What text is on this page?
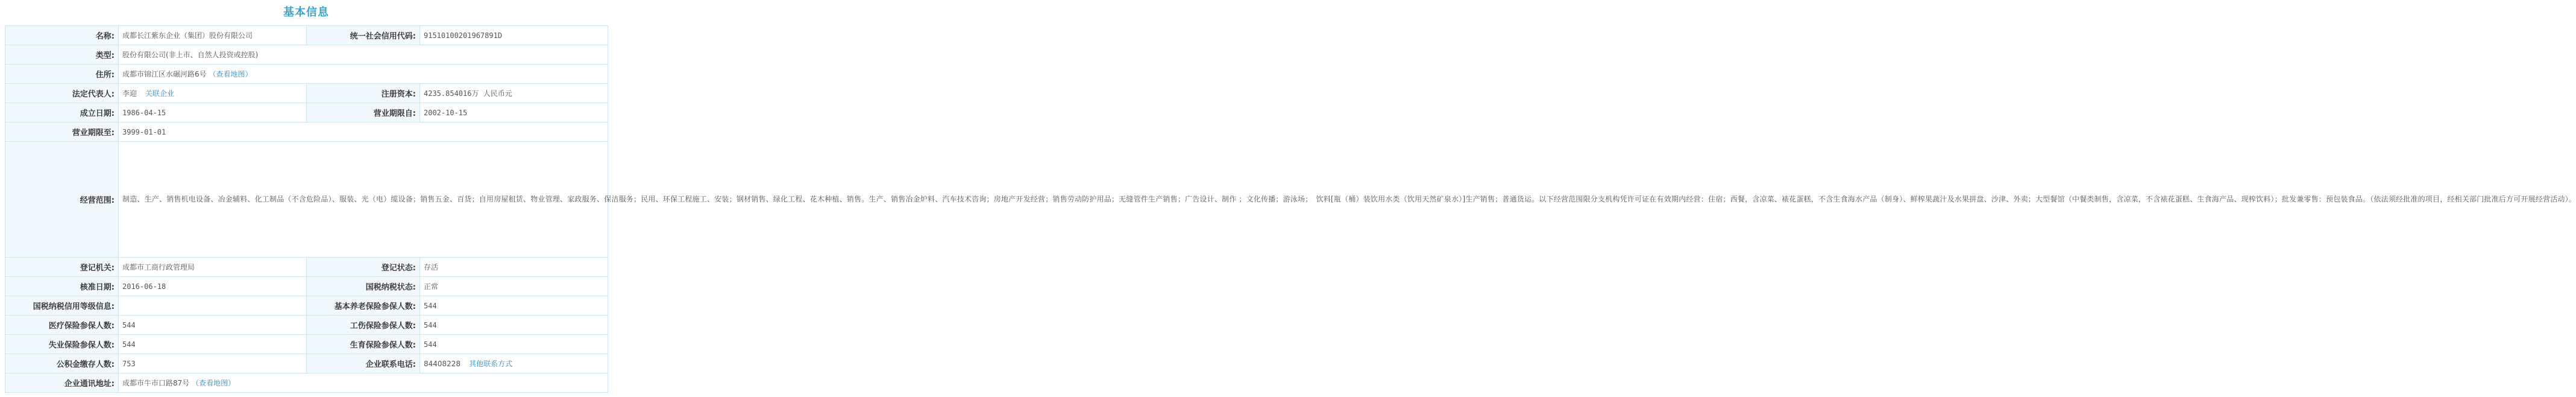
基本信息
名称:	成都长江紫东企业（集团）股份有限公司	统一社会信用代码:	91510100201967891D
类型:	股份有限公司(非上市、自然人投资或控股)		
住所:	成都市锦江区水碾河路6号 （查看地图）		
法定代表人:	李迎 关联企业	注册资本:	4235.854016万 人民币元
成立日期:	1986-04-15	营业期限自:	2002-10-15
营业期限至:	3999-01-01		
经营范围:	制造、生产、销售机电设备、冶金辅料、化工制品（不含危险品）、服装、光（电）缆设备；销售五金、百货；自用房屋租赁、物业管理、家政服务、保洁服务；民用、环保工程施工、安装；钢材销售、绿化工程、花木种植、销售。生产、销售冶金炉料、汽车技术咨询；房地产开发经营；销售劳动防护用品；无缝管件生产销售；广告设计、制作 ；文化传播；游泳场；　饮料[瓶（桶）装饮用水类（饮用天然矿泉水）]生产销售；普通货运。以下经营范围限分支机构凭许可证在有效期内经营：住宿；西餐，含凉菜、裱花蛋糕，不含生食海水产品（制身）、鲜榨果蔬汁及水果拼盘、沙津、外卖；大型餐馆（中餐类制售，含凉菜，不含裱花蛋糕、生食海产品、现榨饮料）；批发兼零售：预包装食品。（依法须经批准的项目，经相关部门批准后方可开展经营活动）。		
登记机关:	成都市工商行政管理局	登记状态:	存活
核准日期:	2016-06-18	国税纳税状态:	正常
国税纳税信用等级信息:		基本养老保险参保人数:	544
医疗保险参保人数:	544	工伤保险参保人数:	544
失业保险参保人数:	544	生育保险参保人数:	544
公积金缴存人数:	753	企业联系电话:	84408228 其他联系方式
企业通讯地址:	成都市牛市口路87号 （查看地图）		
